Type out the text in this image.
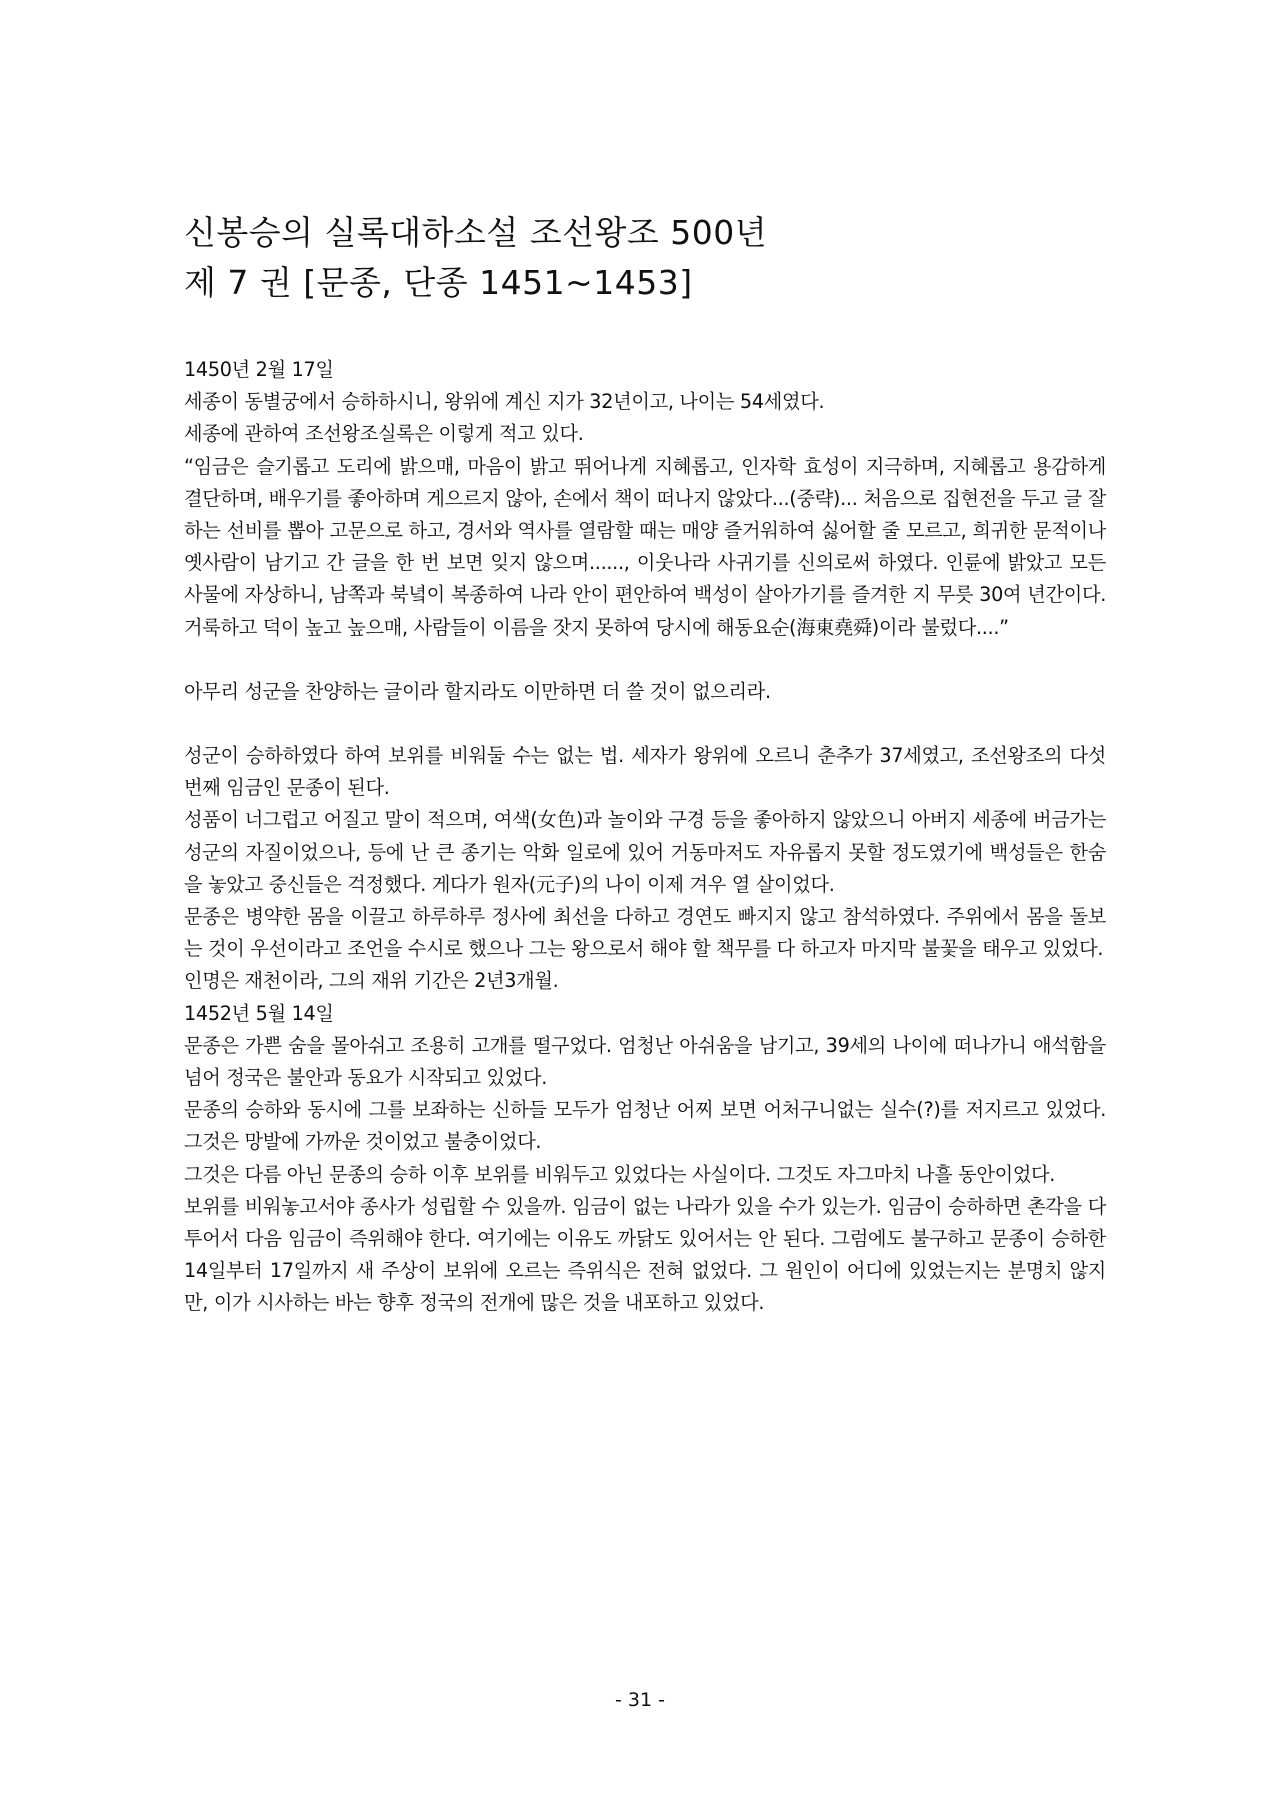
신봉승의 실록대하소설 조선왕조 500년
제 7 권 [문종, 단종 1451~1453]

1450년 2월 17일

세종이 동별궁에서 승하하시니, 왕위에 계신 지가 32년이고, 나이는 54세였다.

세종에 관하여 조선왕조실록은 이렇게 적고 있다.

“임금은 슬기롭고 도리에 밝으매, 마음이 밝고 뛰어나게 지혜롭고, 인자학 효성이 지극하며, 지혜롭고 용감하게 결단하며, 배우기를 좋아하며 게으르지 않아, 손에서 책이 떠나지 않았다...(중략)... 처음으로 집현전을 두고 글 잘하는 선비를 뽑아 고문으로 하고, 경서와 역사를 열람할 때는 매양 즐거워하여 싫어할 줄 모르고, 희귀한 문적이나 옛사람이 남기고 간 글을 한 번 보면 잊지 않으며......, 이웃나라 사귀기를 신의로써 하였다. 인륜에 밝았고 모든 사물에 자상하니, 남쪽과 북녘이 복종하여 나라 안이 편안하여 백성이 살아가기를 즐겨한 지 무릇 30여 년간이다. 거룩하고 덕이 높고 높으매, 사람들이 이름을 잣지 못하여 당시에 해동요순(海東堯舜)이라 불렀다....”

아무리 성군을 찬양하는 글이라 할지라도 이만하면 더 쓸 것이 없으리라.

성군이 승하하였다 하여 보위를 비워둘 수는 없는 법. 세자가 왕위에 오르니 춘추가 37세였고, 조선왕조의 다섯 번째 임금인 문종이 된다.

성품이 너그럽고 어질고 말이 적으며, 여색(女色)과 놀이와 구경 등을 좋아하지 않았으니 아버지 세종에 버금가는 성군의 자질이었으나, 등에 난 큰 종기는 악화 일로에 있어 거동마저도 자유롭지 못할 정도였기에 백성들은 한숨을 놓았고 중신들은 걱정했다. 게다가 원자(元子)의 나이 이제 겨우 열 살이었다.

문종은 병약한 몸을 이끌고 하루하루 정사에 최선을 다하고 경연도 빠지지 않고 참석하였다. 주위에서 몸을 돌보는 것이 우선이라고 조언을 수시로 했으나 그는 왕으로서 해야 할 책무를 다 하고자 마지막 불꽃을 태우고 있었다.

인명은 재천이라, 그의 재위 기간은 2년3개월.

1452년 5월 14일

문종은 가쁜 숨을 몰아쉬고 조용히 고개를 떨구었다. 엄청난 아쉬움을 남기고, 39세의 나이에 떠나가니 애석함을 넘어 정국은 불안과 동요가 시작되고 있었다.

문종의 승하와 동시에 그를 보좌하는 신하들 모두가 엄청난 어찌 보면 어처구니없는 실수(?)를 저지르고 있었다. 그것은 망발에 가까운 것이었고 불충이었다.

그것은 다름 아닌 문종의 승하 이후 보위를 비워두고 있었다는 사실이다. 그것도 자그마치 나흘 동안이었다.

보위를 비워놓고서야 종사가 성립할 수 있을까. 임금이 없는 나라가 있을 수가 있는가. 임금이 승하하면 촌각을 다투어서 다음 임금이 즉위해야 한다. 여기에는 이유도 까닭도 있어서는 안 된다. 그럼에도 불구하고 문종이 승하한 14일부터 17일까지 새 주상이 보위에 오르는 즉위식은 전혀 없었다. 그 원인이 어디에 있었는지는 분명치 않지만, 이가 시사하는 바는 향후 정국의 전개에 많은 것을 내포하고 있었다.

- 31 -
